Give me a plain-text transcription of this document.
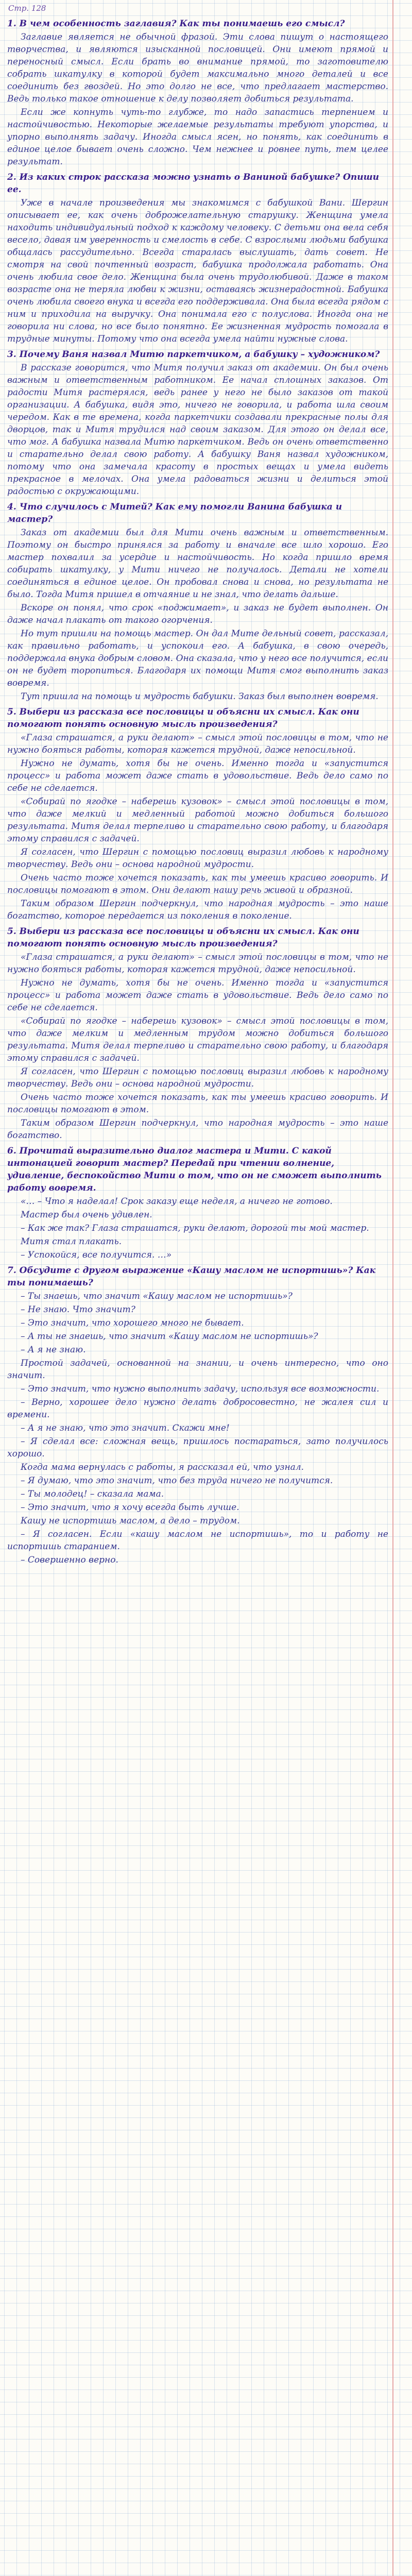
Стр. 128
1. В чем особенность заглавия? Как ты понимаешь его смысл?
Заглавие является не обычной фразой. Эти слова пишут о настоящего творчества, и являются изысканной пословицей. Они имеют прямой и переносный смысл. Если брать во внимание прямой, то заготовителю собрать шкатулку в которой будет максимально много деталей и все соединить без гвоздей. Но это долго не все, что предлагает мастерство. Ведь только такое отношение к делу позволяет добиться результата.
Если же копнуть чуть-то глубже, то надо запастись терпением и настойчивостью. Некоторые желаемые результаты требуют упорства, и упорно выполнять задачу. Иногда смысл ясен, но понять, как соединить в единое целое бывает очень сложно. Чем нежнее и ровнее путь, тем целее результат.
2. Из каких строк рассказа можно узнать о Ваниной бабушке? Опиши ее.
Уже в начале произведения мы знакомимся с бабушкой Вани. Шергин описывает ее, как очень доброжелательную старушку. Женщина умела находить индивидуальный подход к каждому человеку. С детьми она вела себя весело, давая им уверенность и смелость в себе. С взрослыми людьми бабушка общалась рассудительно. Всегда старалась выслушать, дать совет. Не смотря на свой почтенный возраст, бабушка продолжала работать. Она очень любила свое дело. Женщина была очень трудолюбивой. Даже в таком возрасте она не теряла любви к жизни, оставаясь жизнерадостной. Бабушка очень любила своего внука и всегда его поддерживала. Она была всегда рядом с ним и приходила на выручку. Она понимала его с полуслова. Иногда она не говорила ни слова, но все было понятно. Ее жизненная мудрость помогала в трудные минуты. Потому что она всегда умела найти нужные слова.
3. Почему Ваня назвал Митю паркетчиком, а бабушку – художником?
В рассказе говорится, что Митя получил заказ от академии. Он был очень важным и ответственным работником. Ее начал сплошных заказов. От радости Митя растерялся, ведь ранее у него не было заказов от такой организации. А бабушка, видя это, ничего не говорила, и работа шла своим чередом. Как в те времена, когда паркетчики создавали прекрасные полы для дворцов, так и Митя трудился над своим заказом. Для этого он делал все, что мог. А бабушка назвала Митю паркетчиком. Ведь он очень ответственно и старательно делал свою работу. А бабушку Ваня назвал художником, потому что она замечала красоту в простых вещах и умела видеть прекрасное в мелочах. Она умела радоваться жизни и делиться этой радостью с окружающими.
4. Что случилось с Митей? Как ему помогли Ванина бабушка и мастер?
Заказ от академии был для Мити очень важным и ответственным. Поэтому он быстро принялся за работу и вначале все шло хорошо. Его мастер похвалил за усердие и настойчивость. Но когда пришло время собирать шкатулку, у Мити ничего не получалось. Детали не хотели соединяться в единое целое. Он пробовал снова и снова, но результата не было. Тогда Митя пришел в отчаяние и не знал, что делать дальше.
Вскоре он понял, что срок «поджимает», и заказ не будет выполнен. Он даже начал плакать от такого огорчения.
Но тут пришли на помощь мастер. Он дал Мите дельный совет, рассказал, как правильно работать, и успокоил его. А бабушка, в свою очередь, поддержала внука добрым словом. Она сказала, что у него все получится, если он не будет торопиться. Благодаря их помощи Митя смог выполнить заказ вовремя.
Тут пришла на помощь и мудрость бабушки. Заказ был выполнен вовремя.
5. Выбери из рассказа все пословицы и объясни их смысл. Как они помогают понять основную мысль произведения?
«Глаза страшатся, а руки делают» – смысл этой пословицы в том, что не нужно бояться работы, которая кажется трудной, даже непосильной.
Нужно не думать, хотя бы не очень. Именно тогда и «запустится процесс» и работа может даже стать в удовольствие. Ведь дело само по себе не сделается.
«Собирай по ягодке – наберешь кузовок» – смысл этой пословицы в том, что даже мелкий и медленный работой можно добиться большого результата. Митя делал терпеливо и старательно свою работу, и благодаря этому справился с задачей.
Я согласен, что Шергин с помощью пословиц выразил любовь к народному творчеству. Ведь они – основа народной мудрости.
Очень часто тоже хочется показать, как ты умеешь красиво говорить. И пословицы помогают в этом. Они делают нашу речь живой и образной.
Таким образом Шергин подчеркнул, что народная мудрость – это наше богатство, которое передается из поколения в поколение.
5. Выбери из рассказа все пословицы и объясни их смысл. Как они помогают понять основную мысль произведения?
«Глаза страшатся, а руки делают» – смысл этой пословицы в том, что не нужно бояться работы, которая кажется трудной, даже непосильной.
Нужно не думать, хотя бы не очень. Именно тогда и «запустится процесс» и работа может даже стать в удовольствие. Ведь дело само по себе не сделается.
«Собирай по ягодке – наберешь кузовок» – смысл этой пословицы в том, что даже мелким и медленным трудом можно добиться большого результата. Митя делал терпеливо и старательно свою работу, и благодаря этому справился с задачей.
Я согласен, что Шергин с помощью пословиц выразил любовь к народному творчеству. Ведь они – основа народной мудрости.
Очень часто тоже хочется показать, как ты умеешь красиво говорить. И пословицы помогают в этом.
Таким образом Шергин подчеркнул, что народная мудрость – это наше богатство.
6. Прочитай выразительно диалог мастера и Мити. С какой интонацией говорит мастер? Передай при чтении волнение, удивление, беспокойство Мити о том, что он не сможет выполнить работу вовремя.
«… – Что я наделал! Срок заказу еще неделя, а ничего не готово.
Мастер был очень удивлен.
– Как же так? Глаза страшатся, руки делают, дорогой ты мой мастер.
Митя стал плакать.
– Успокойся, все получится. …»
7. Обсудите с другом выражение «Кашу маслом не испортишь»? Как ты понимаешь?
– Ты знаешь, что значит «Кашу маслом не испортишь»?
– Не знаю. Что значит?
– Это значит, что хорошего много не бывает.
– А ты не знаешь, что значит «Кашу маслом не испортишь»?
– А я не знаю.
Простой задачей, основанной на знании, и очень интересно, что оно значит.
– Это значит, что нужно выполнить задачу, используя все возможности.
– Верно, хорошее дело нужно делать добросовестно, не жалея сил и времени.
– А я не знаю, что это значит. Скажи мне!
– Я сделал все: сложная вещь, пришлось постараться, зато получилось хорошо.
Когда мама вернулась с работы, я рассказал ей, что узнал.
– Я думаю, что это значит, что без труда ничего не получится.
– Ты молодец! – сказала мама.
– Это значит, что я хочу всегда быть лучше.
Кашу не испортишь маслом, а дело – трудом.
– Я согласен. Если «кашу маслом не испортишь», то и работу не испортишь старанием.
– Совершенно верно.
